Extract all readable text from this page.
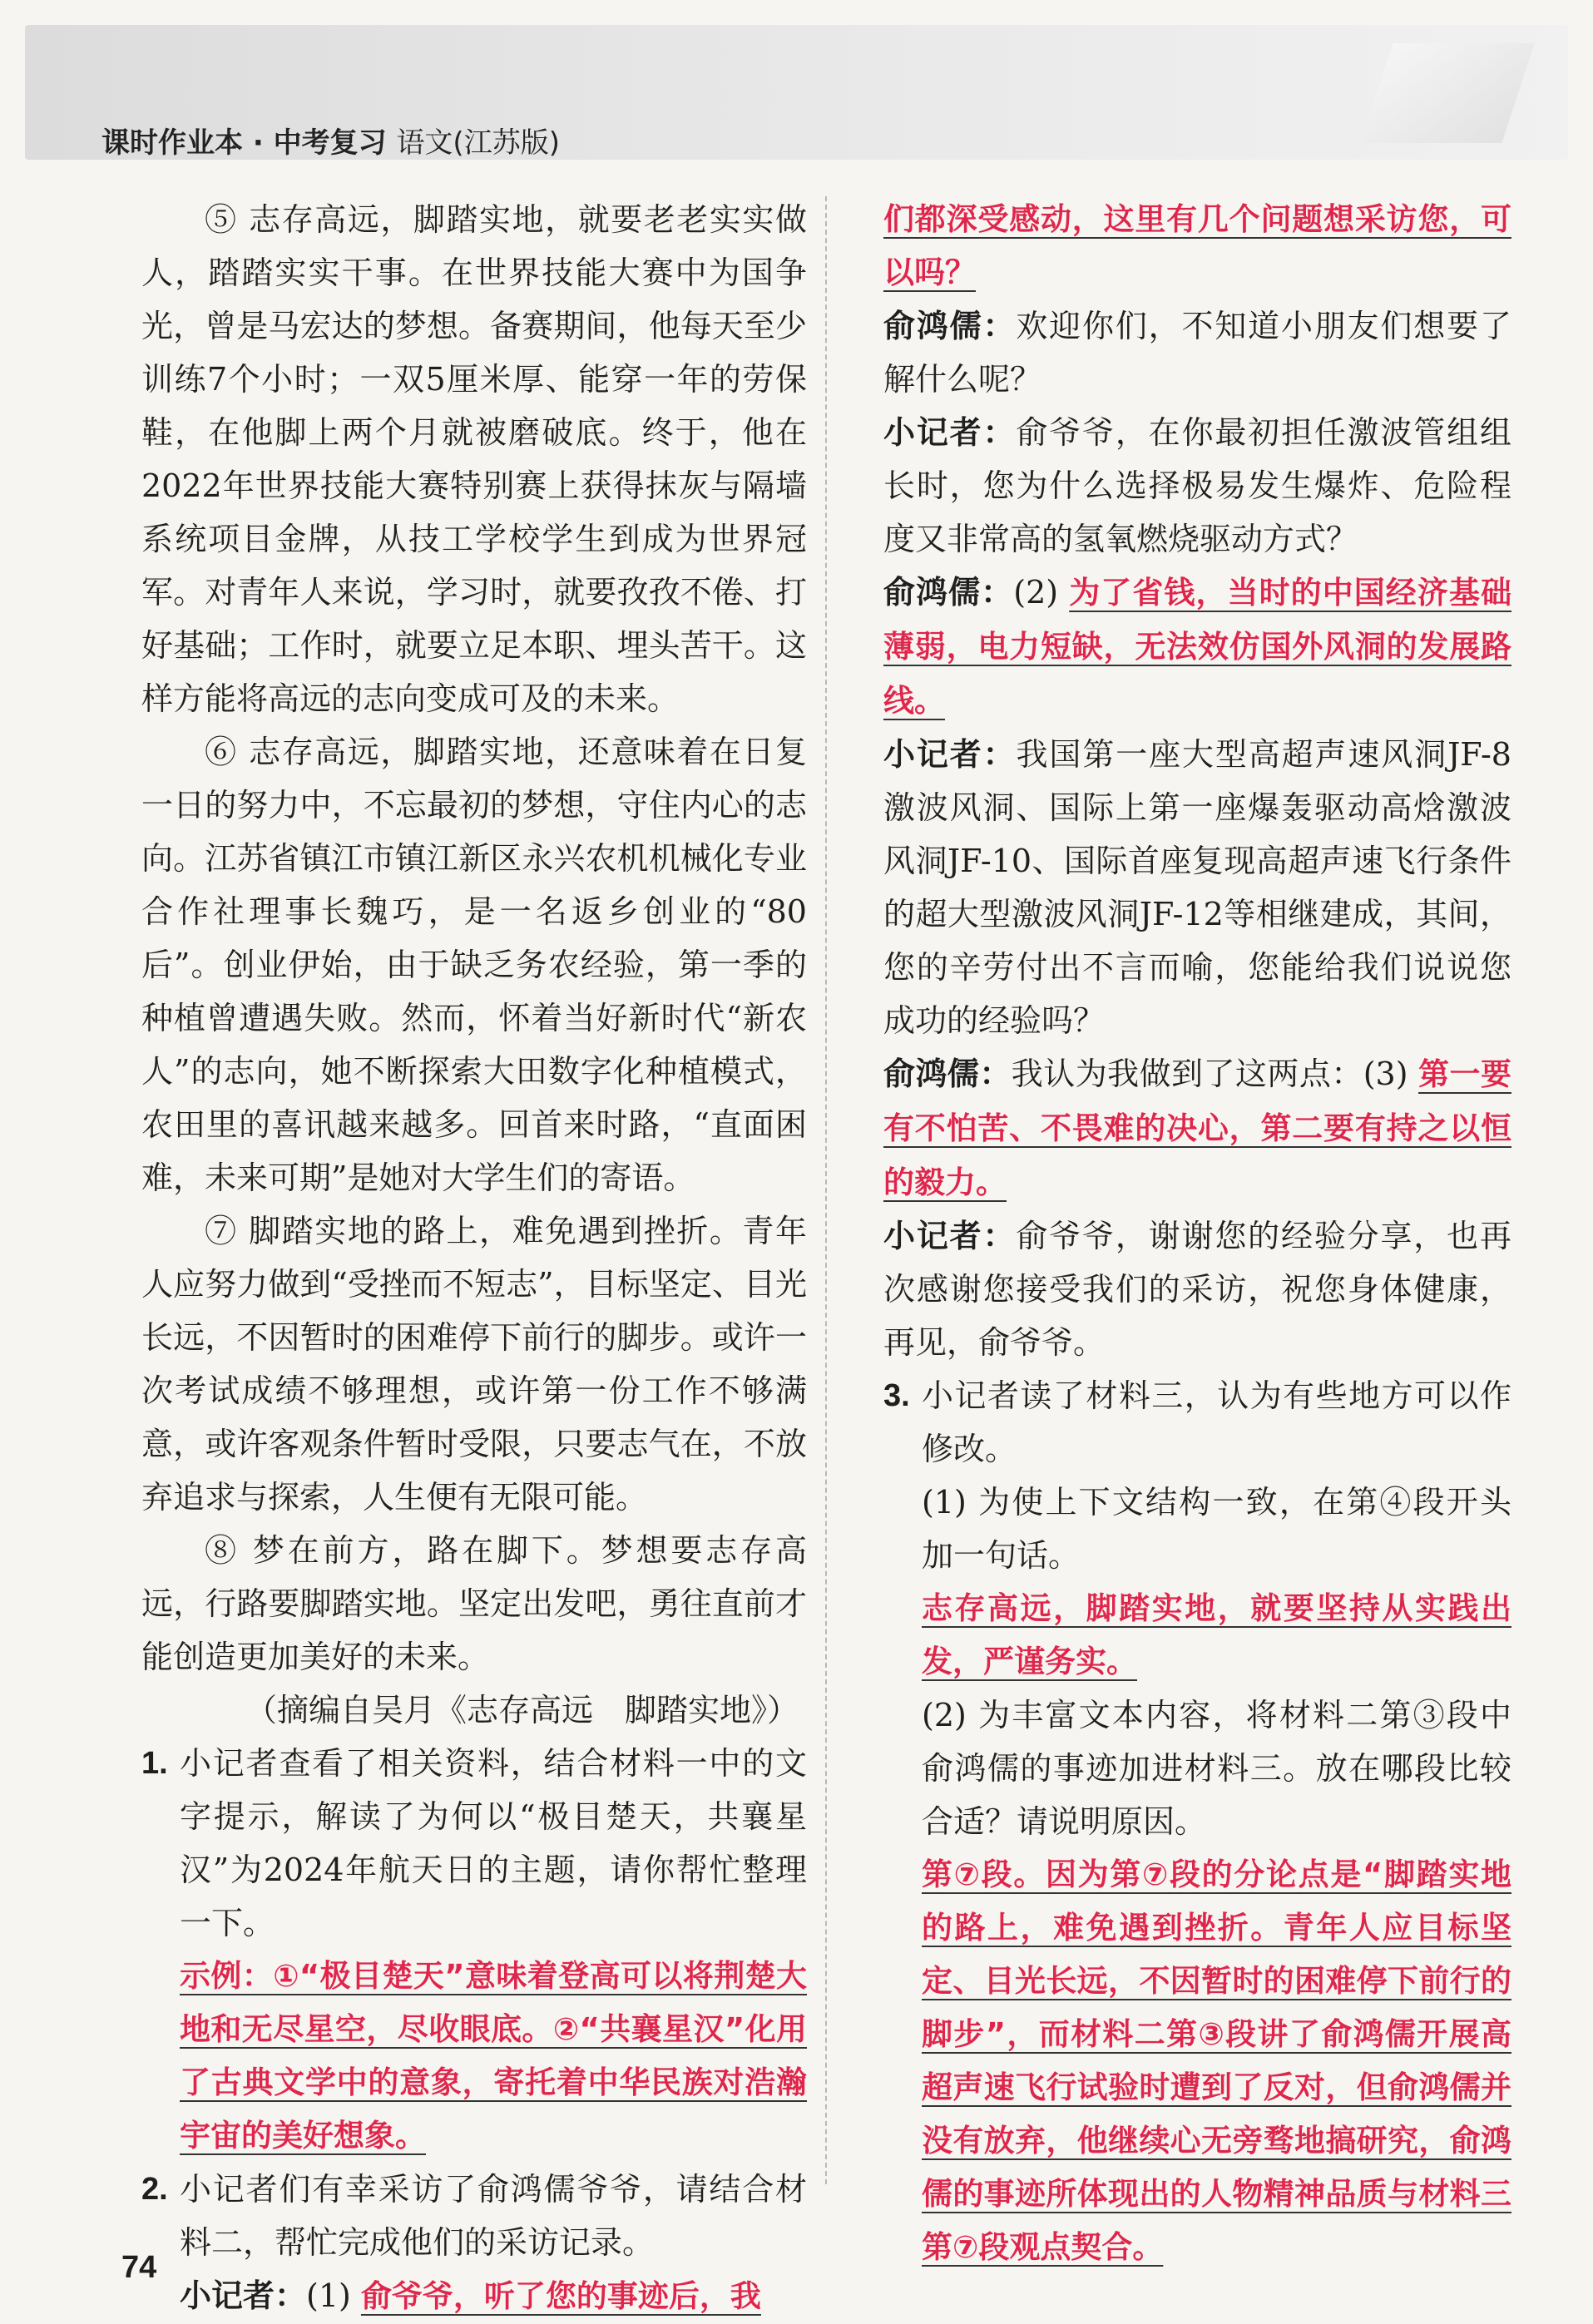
课时作业本 · 中考复习 语文(江苏版)

⑤ 志存高远，脚踏实地，就要老老实实做人，踏踏实实干事。在世界技能大赛中为国争光，曾是马宏达的梦想。备赛期间，他每天至少训练7个小时；一双5厘米厚、能穿一年的劳保鞋，在他脚上两个月就被磨破底。终于，他在2022年世界技能大赛特别赛上获得抹灰与隔墙系统项目金牌，从技工学校学生到成为世界冠军。对青年人来说，学习时，就要孜孜不倦、打好基础；工作时，就要立足本职、埋头苦干。这样方能将高远的志向变成可及的未来。

⑥ 志存高远，脚踏实地，还意味着在日复一日的努力中，不忘最初的梦想，守住内心的志向。江苏省镇江市镇江新区永兴农机机械化专业合作社理事长魏巧，是一名返乡创业的“80后”。创业伊始，由于缺乏务农经验，第一季的种植曾遭遇失败。然而，怀着当好新时代“新农人”的志向，她不断探索大田数字化种植模式，农田里的喜讯越来越多。回首来时路，“直面困难，未来可期”是她对大学生们的寄语。

⑦ 脚踏实地的路上，难免遇到挫折。青年人应努力做到“受挫而不短志”，目标坚定、目光长远，不因暂时的困难停下前行的脚步。或许一次考试成绩不够理想，或许第一份工作不够满意，或许客观条件暂时受限，只要志气在，不放弃追求与探索，人生便有无限可能。

⑧ 梦在前方，路在脚下。梦想要志存高远，行路要脚踏实地。坚定出发吧，勇往直前才能创造更加美好的未来。

（摘编自吴月《志存高远　脚踏实地》）

1. 小记者查看了相关资料，结合材料一中的文字提示，解读了为何以“极目楚天，共襄星汉”为2024年航天日的主题，请你帮忙整理一下。

示例：①“极目楚天”意味着登高可以将荆楚大地和无尽星空，尽收眼底。②“共襄星汉”化用了古典文学中的意象，寄托着中华民族对浩瀚宇宙的美好想象。

2. 小记者们有幸采访了俞鸿儒爷爷，请结合材料二，帮忙完成他们的采访记录。

小记者：(1) 俞爷爷，听了您的事迹后，我

们都深受感动，这里有几个问题想采访您，可以吗？

俞鸿儒：欢迎你们，不知道小朋友们想要了解什么呢？

小记者：俞爷爷，在你最初担任激波管组组长时，您为什么选择极易发生爆炸、危险程度又非常高的氢氧燃烧驱动方式？

俞鸿儒：(2) 为了省钱，当时的中国经济基础薄弱，电力短缺，无法效仿国外风洞的发展路线。

小记者：我国第一座大型高超声速风洞JF-8激波风洞、国际上第一座爆轰驱动高焓激波风洞JF-10、国际首座复现高超声速飞行条件的超大型激波风洞JF-12等相继建成，其间，您的辛劳付出不言而喻，您能给我们说说您成功的经验吗？

俞鸿儒：我认为我做到了这两点：(3) 第一要有不怕苦、不畏难的决心，第二要有持之以恒的毅力。

小记者：俞爷爷，谢谢您的经验分享，也再次感谢您接受我们的采访，祝您身体健康，再见，俞爷爷。

3. 小记者读了材料三，认为有些地方可以作修改。

(1) 为使上下文结构一致，在第④段开头加一句话。

志存高远，脚踏实地，就要坚持从实践出发，严谨务实。

(2) 为丰富文本内容，将材料二第③段中俞鸿儒的事迹加进材料三。放在哪段比较合适？请说明原因。

第⑦段。因为第⑦段的分论点是“脚踏实地的路上，难免遇到挫折。青年人应目标坚定、目光长远，不因暂时的困难停下前行的脚步”，而材料二第③段讲了俞鸿儒开展高超声速飞行试验时遭到了反对，但俞鸿儒并没有放弃，他继续心无旁骛地搞研究，俞鸿儒的事迹所体现出的人物精神品质与材料三第⑦段观点契合。

74
